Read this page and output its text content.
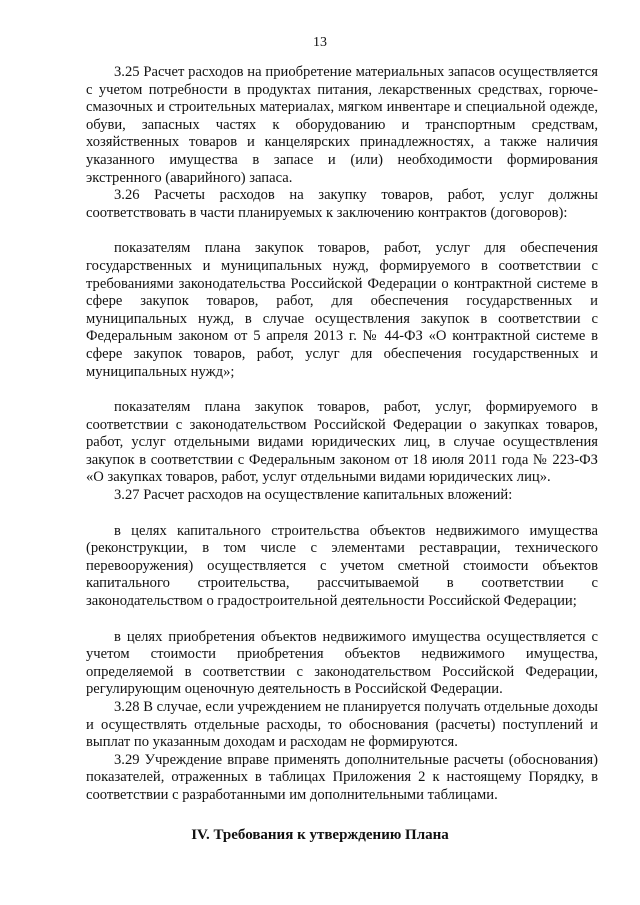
13

3.25 Расчет расходов на приобретение материальных запасов осуществляется с учетом потребности в продуктах питания, лекарственных средствах, горюче-смазочных и строительных материалах, мягком инвентаре и специальной одежде, обуви, запасных частях к оборудованию и транспортным средствам, хозяйственных товаров и канцелярских принадлежностях, а также наличия указанного имущества в запасе и (или) необходимости формирования экстренного (аварийного) запаса.

3.26 Расчеты расходов на закупку товаров, работ, услуг должны соответствовать в части планируемых к заключению контрактов (договоров):

показателям плана закупок товаров, работ, услуг для обеспечения государственных и муниципальных нужд, формируемого в соответствии с требованиями законодательства Российской Федерации о контрактной системе в сфере закупок товаров, работ, для обеспечения государственных и муниципальных нужд, в случае осуществления закупок в соответствии с Федеральным законом от 5 апреля 2013 г. № 44-ФЗ «О контрактной системе в сфере закупок товаров, работ, услуг для обеспечения государственных и муниципальных нужд»;

показателям плана закупок товаров, работ, услуг, формируемого в соответствии с законодательством Российской Федерации о закупках товаров, работ, услуг отдельными видами юридических лиц, в случае осуществления закупок в соответствии с Федеральным законом от 18 июля 2011 года № 223-ФЗ «О закупках товаров, работ, услуг отдельными видами юридических лиц».

3.27 Расчет расходов на осуществление капитальных вложений:

в целях капитального строительства объектов недвижимого имущества (реконструкции, в том числе с элементами реставрации, технического перевооружения) осуществляется с учетом сметной стоимости объектов капитального строительства, рассчитываемой в соответствии с законодательством о градостроительной деятельности Российской Федерации;

в целях приобретения объектов недвижимого имущества осуществляется с учетом стоимости приобретения объектов недвижимого имущества, определяемой в соответствии с законодательством Российской Федерации, регулирующим оценочную деятельность в Российской Федерации.

3.28 В случае, если учреждением не планируется получать отдельные доходы и осуществлять отдельные расходы, то обоснования (расчеты) поступлений и выплат по указанным доходам и расходам не формируются.

3.29 Учреждение вправе применять дополнительные расчеты (обоснования) показателей, отраженных в таблицах Приложения 2 к настоящему Порядку, в соответствии с разработанными им дополнительными таблицами.

IV. Требования к утверждению Плана
